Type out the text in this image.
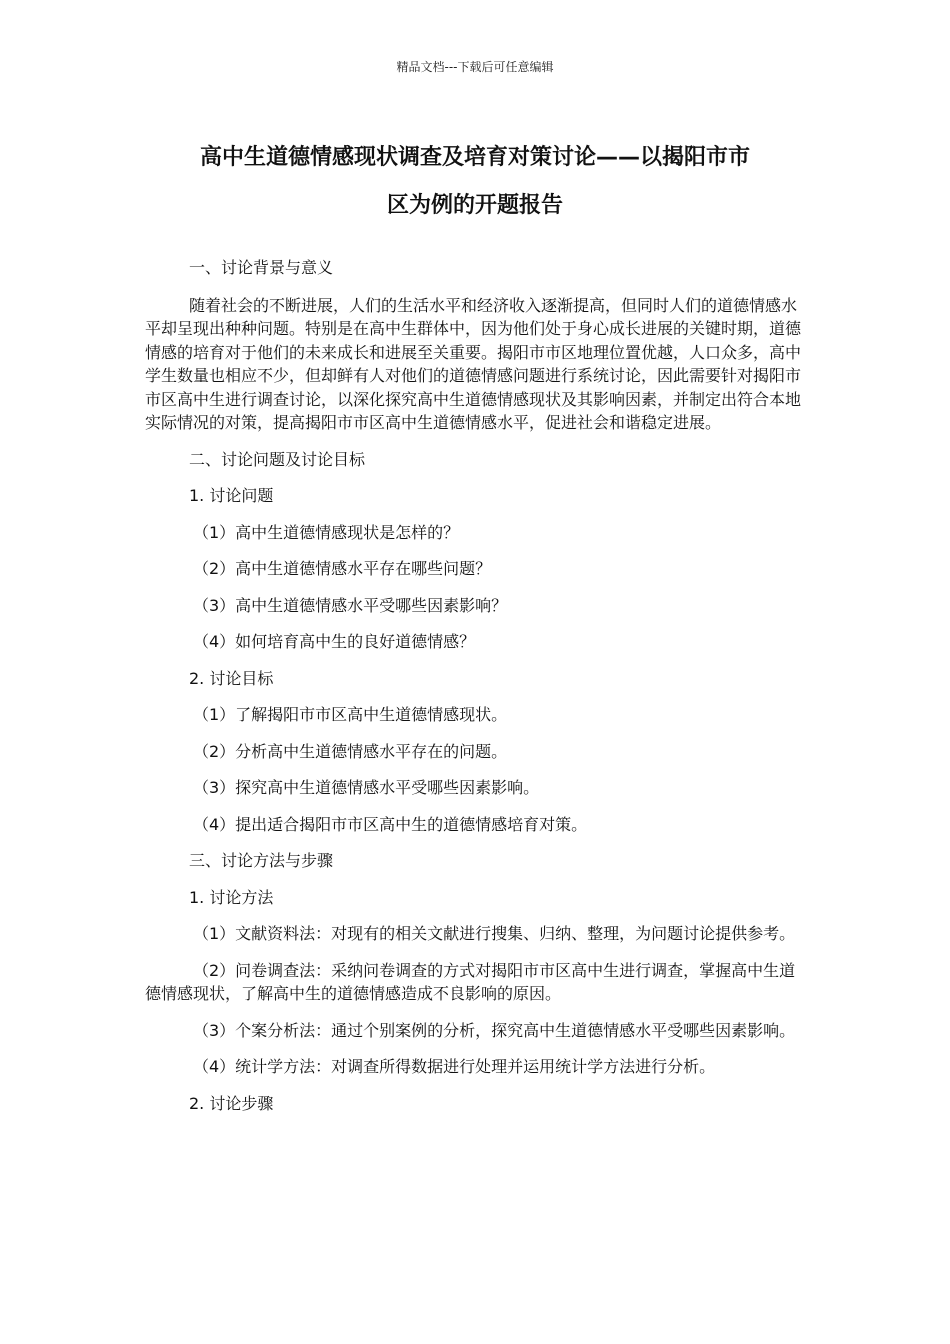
精品文档---下载后可任意编辑
高中生道德情感现状调查及培育对策讨论——以揭阳市市
区为例的开题报告

一、讨论背景与意义

随着社会的不断进展，人们的生活水平和经济收入逐渐提高，但同时人们的道德情感水平却呈现出种种问题。特别是在高中生群体中，因为他们处于身心成长进展的关键时期，道德情感的培育对于他们的未来成长和进展至关重要。揭阳市市区地理位置优越，人口众多，高中学生数量也相应不少，但却鲜有人对他们的道德情感问题进行系统讨论，因此需要针对揭阳市市区高中生进行调查讨论，以深化探究高中生道德情感现状及其影响因素，并制定出符合本地实际情况的对策，提高揭阳市市区高中生道德情感水平，促进社会和谐稳定进展。

二、讨论问题及讨论目标

1. 讨论问题

（1）高中生道德情感现状是怎样的？

（2）高中生道德情感水平存在哪些问题？

（3）高中生道德情感水平受哪些因素影响？

（4）如何培育高中生的良好道德情感？

2. 讨论目标

（1）了解揭阳市市区高中生道德情感现状。

（2）分析高中生道德情感水平存在的问题。

（3）探究高中生道德情感水平受哪些因素影响。

（4）提出适合揭阳市市区高中生的道德情感培育对策。

三、讨论方法与步骤

1. 讨论方法

（1）文献资料法：对现有的相关文献进行搜集、归纳、整理，为问题讨论提供参考。

（2）问卷调查法：采纳问卷调查的方式对揭阳市市区高中生进行调查，掌握高中生道德情感现状，了解高中生的道德情感造成不良影响的原因。

（3）个案分析法：通过个别案例的分析，探究高中生道德情感水平受哪些因素影响。

（4）统计学方法：对调查所得数据进行处理并运用统计学方法进行分析。

2. 讨论步骤
